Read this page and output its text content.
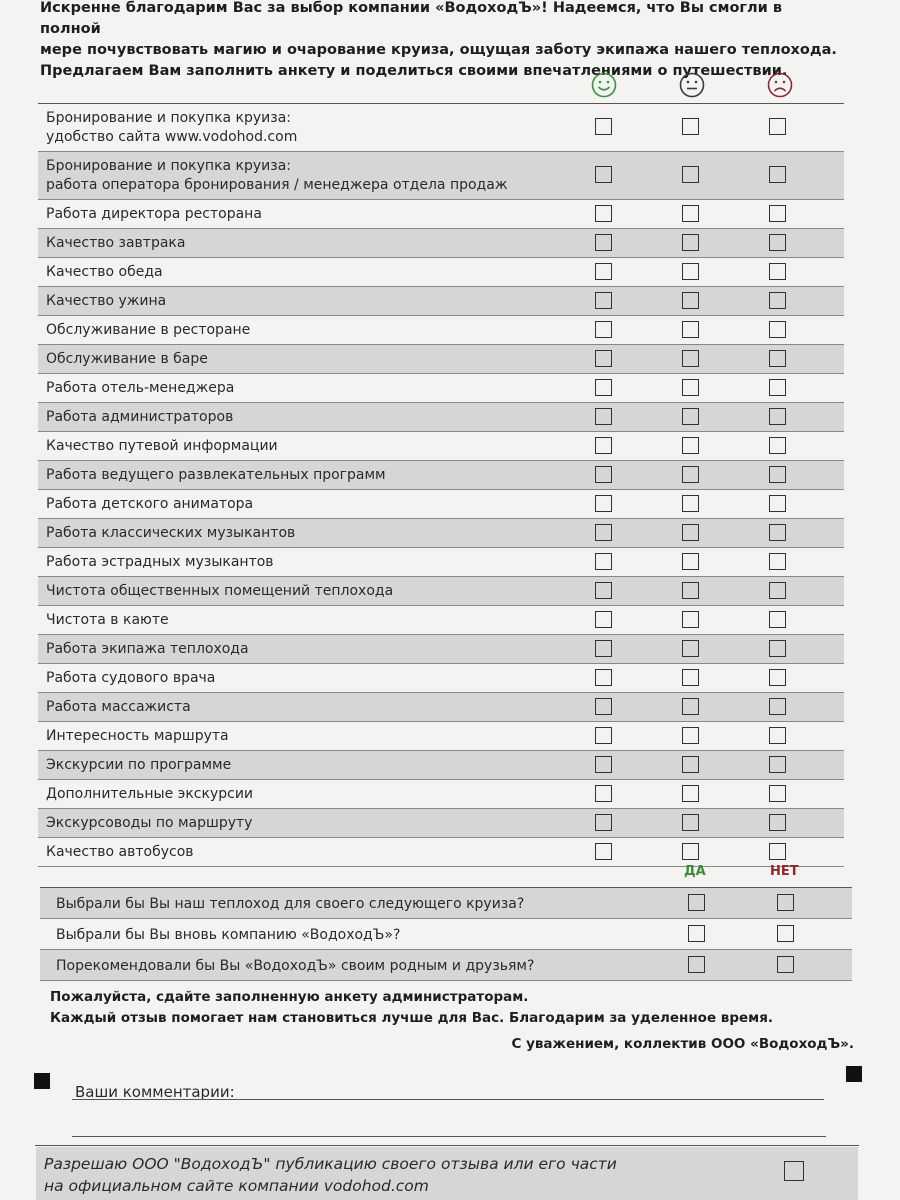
Искренне благодарим Вас за выбор компании «ВодоходЪ»! Надеемся, что Вы смогли в полной
мере почувствовать магию и очарование круиза, ощущая заботу экипажа нашего теплохода.
Предлагаем Вам заполнить анкету и поделиться своими впечатлениями о путешествии.
Бронирование и покупка круиза:
удобство сайта www.vodohod.com
Бронирование и покупка круиза:
работа оператора бронирования / менеджера отдела продаж
Работа директора ресторана
Качество завтрака
Качество обеда
Качество ужина
Обслуживание в ресторане
Обслуживание в баре
Работа отель-менеджера
Работа администраторов
Качество путевой информации
Работа ведущего развлекательных программ
Работа детского аниматора
Работа классических музыкантов
Работа эстрадных музыкантов
Чистота общественных помещений теплохода
Чистота в каюте
Работа экипажа теплохода
Работа судового врача
Работа массажиста
Интересность маршрута
Экскурсии по программе
Дополнительные экскурсии
Экскурсоводы по маршруту
Качество автобусов
ДА	НЕТ
Выбрали бы Вы наш теплоход для своего следующего круиза?
Выбрали бы Вы вновь компанию «ВодоходЪ»?
Порекомендовали бы Вы «ВодоходЪ» своим родным и друзьям?
Пожалуйста, сдайте заполненную анкету администраторам.
Каждый отзыв помогает нам становиться лучше для Вас. Благодарим за уделенное время.
С уважением, коллектив ООО «ВодоходЪ».
Ваши комментарии:
Разрешаю ООО "ВодоходЪ" публикацию своего отзыва или его части
на официальном сайте компании vodohod.com
